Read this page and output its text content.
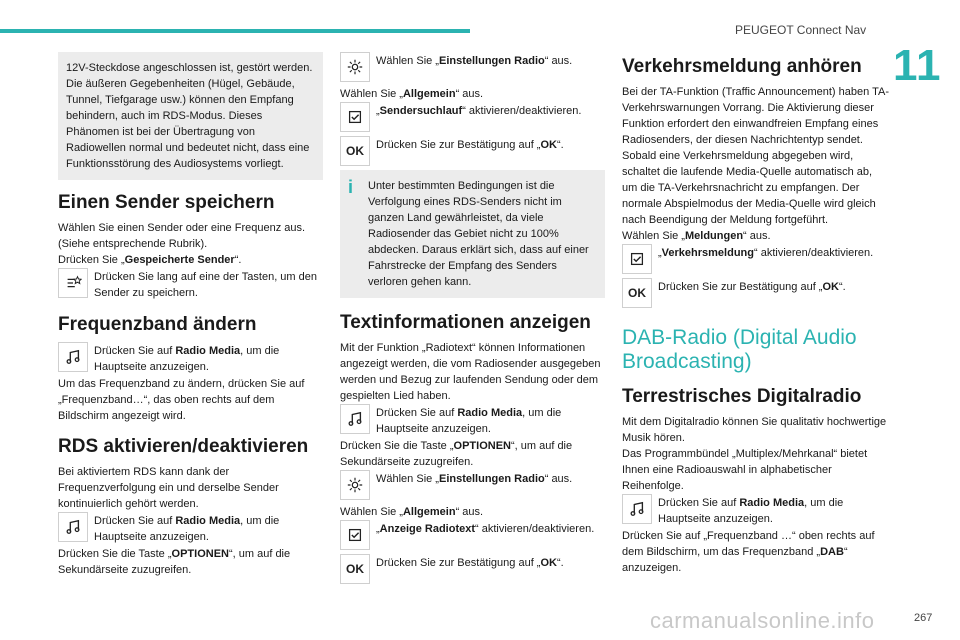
PEUGEOT Connect Nav
11
12V-Steckdose angeschlossen ist, gestört werden.
Die äußeren Gegebenheiten (Hügel, Gebäude, Tunnel, Tiefgarage usw.) können den Empfang behindern, auch im RDS-Modus. Dieses Phänomen ist bei der Übertragung von Radiowellen normal und bedeutet nicht, dass eine Funktionsstörung des Audiosystems vorliegt.
Einen Sender speichern

Wählen Sie einen Sender oder eine Frequenz aus.

(Siehe entsprechende Rubrik).

Drücken Sie „Gespeicherte Sender“.

Drücken Sie lang auf eine der Tasten, um den Sender zu speichern.
Frequenzband ändern
Drücken Sie auf Radio Media, um die Hauptseite anzuzeigen.

Um das Frequenzband zu ändern, drücken Sie auf „Frequenzband…“, das oben rechts auf dem Bildschirm angezeigt wird.

RDS aktivieren/deaktivieren

Bei aktiviertem RDS kann dank der Frequenzverfolgung ein und derselbe Sender kontinuierlich gehört werden.

Drücken Sie auf Radio Media, um die Hauptseite anzuzeigen.

Drücken Sie die Taste „OPTIONEN“, um auf die Sekundärseite zuzugreifen.

Wählen Sie „Einstellungen Radio“ aus.

Wählen Sie „Allgemein“ aus.

„Sendersuchlauf“ aktivieren/deaktivieren.
OK	Drücken Sie zur Bestätigung auf „OK“.
i	Unter bestimmten Bedingungen ist die Verfolgung eines RDS-Senders nicht im ganzen Land gewährleistet, da viele Radiosender das Gebiet nicht zu 100% abdecken. Daraus erklärt sich, dass auf einer Fahrstrecke der Empfang des Senders verloren gehen kann.
Textinformationen anzeigen

Mit der Funktion „Radiotext“ können Informationen angezeigt werden, die vom Radiosender ausgegeben werden und Bezug zur laufenden Sendung oder dem gespielten Lied haben.

Drücken Sie auf Radio Media, um die Hauptseite anzuzeigen.

Drücken Sie die Taste „OPTIONEN“, um auf die Sekundärseite zuzugreifen.

Wählen Sie „Einstellungen Radio“ aus.

Wählen Sie „Allgemein“ aus.

„Anzeige Radiotext“ aktivieren/deaktivieren.
OK	Drücken Sie zur Bestätigung auf „OK“.
Verkehrsmeldung anhören

Bei der TA-Funktion (Traffic Announcement) haben TA-Verkehrswarnungen Vorrang. Die Aktivierung dieser Funktion erfordert den einwandfreien Empfang eines Radiosenders, der diesen Nachrichtentyp sendet. Sobald eine Verkehrsmeldung abgegeben wird, schaltet die laufende Media-Quelle automatisch ab, um die TA-Verkehrsnachricht zu empfangen. Der normale Abspielmodus der Media-Quelle wird gleich nach Beendigung der Meldung fortgeführt.

Wählen Sie „Meldungen“ aus.

„Verkehrsmeldung“ aktivieren/deaktivieren.
OK	Drücken Sie zur Bestätigung auf „OK“.
DAB-Radio (Digital Audio Broadcasting)
Terrestrisches Digitalradio

Mit dem Digitalradio können Sie qualitativ hochwertige Musik hören.

Das Programmbündel „Multiplex/Mehrkanal“ bietet Ihnen eine Radioauswahl in alphabetischer Reihenfolge.

Drücken Sie auf Radio Media, um die Hauptseite anzuzeigen.

Drücken Sie auf „Frequenzband …“ oben rechts auf dem Bildschirm, um das Frequenzband „DAB“ anzuzeigen.

carmanualsonline.info	267
